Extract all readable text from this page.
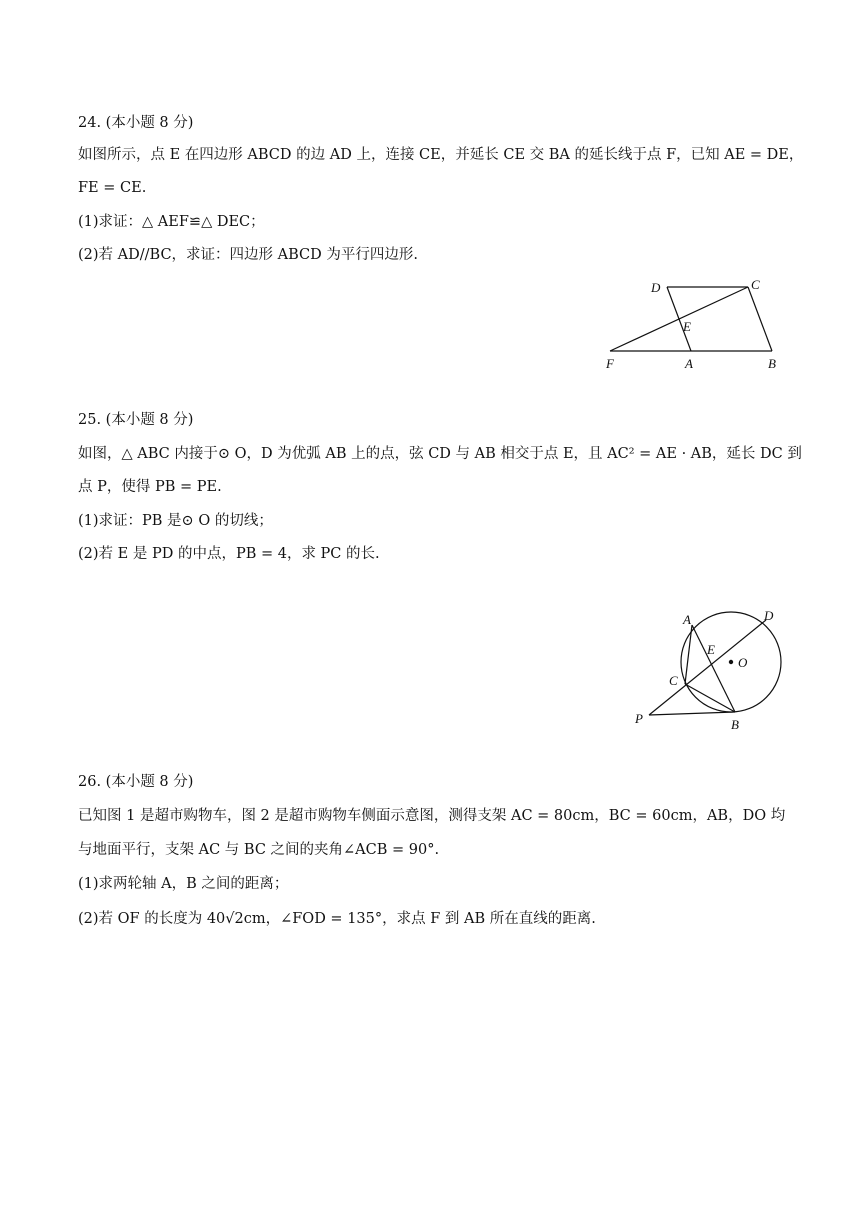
24. (本小题 8 分)
如图所示，点 E 在四边形 ABCD 的边 AD 上，连接 CE，并延长 CE 交 BA 的延长线于点 F，已知 AE = DE，
FE = CE.
(1)求证：△ AEF≌△ DEC；
(2)若 AD//BC，求证：四边形 ABCD 为平行四边形.
D	C
E
F	A	B
25. (本小题 8 分)
如图，△ ABC 内接于⊙ O，D 为优弧 AB 上的点，弦 CD 与 AB 相交于点 E，且 AC² = AE · AB，延长 DC 到
点 P，使得 PB = PE.
(1)求证：PB 是⊙ O 的切线；
(2)若 E 是 PD 的中点，PB = 4，求 PC 的长.
A	D
E
O
C
P	B
26. (本小题 8 分)
已知图 1 是超市购物车，图 2 是超市购物车侧面示意图，测得支架 AC = 80cm，BC = 60cm，AB，DO 均
与地面平行，支架 AC 与 BC 之间的夹角∠ACB = 90°.
(1)求两轮轴 A，B 之间的距离；
(2)若 OF 的长度为 40√2cm，∠FOD = 135°，求点 F 到 AB 所在直线的距离.
